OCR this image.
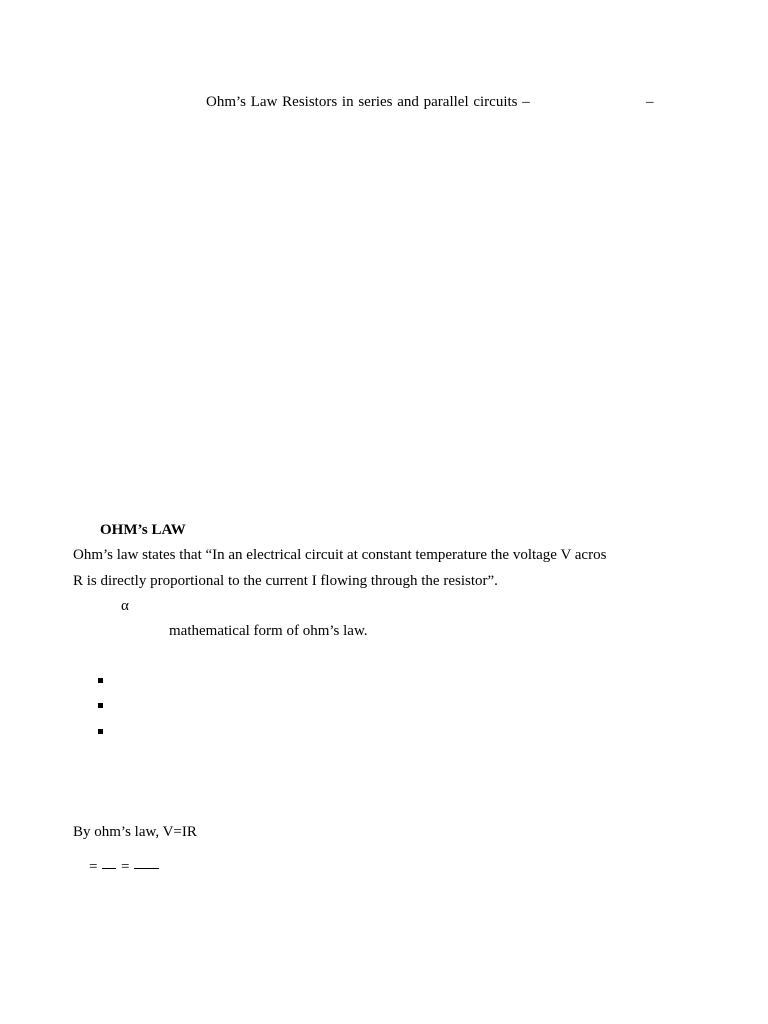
Ohm’s Law Resistors in series and parallel circuits –	–
OHM’s LAW
Ohm’s law states that “In an electrical circuit at constant temperature the voltage V acros
R is directly proportional to the current I flowing through the resistor”.
α
mathematical form of ohm’s law.
By ohm’s law, V=IR
= =
